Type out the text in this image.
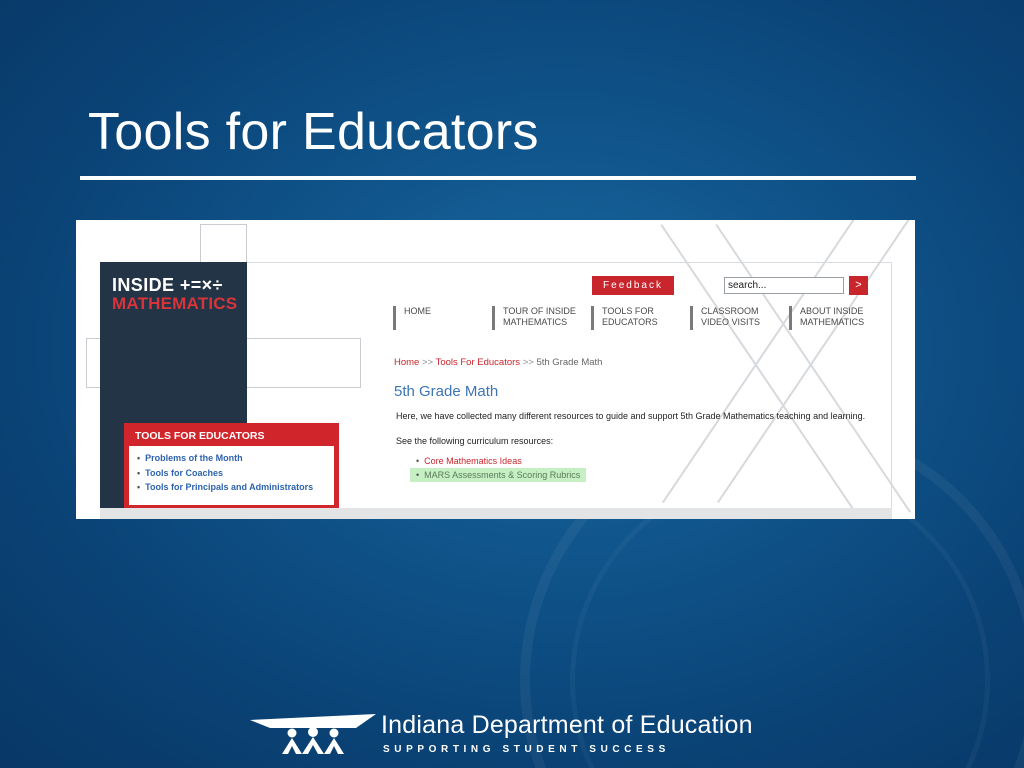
Tools for Educators
INSIDE +=×÷
MATHEMATICS
Feedback
search...	>
HOME	TOUR OF INSIDE
MATHEMATICS
TOOLS FOR
EDUCATORS
CLASSROOM
VIDEO VISITS
ABOUT INSIDE
MATHEMATICS
Home >> Tools For Educators >> 5th Grade Math
5th Grade Math
Here, we have collected many different resources to guide and support 5th Grade Mathematics teaching and learning.
See the following curriculum resources:
• Core Mathematics Ideas
• MARS Assessments & Scoring Rubrics
TOOLS FOR EDUCATORS
• Problems of the Month
• Tools for Coaches
• Tools for Principals and Administrators
Indiana Department of Education
SUPPORTING STUDENT SUCCESS
